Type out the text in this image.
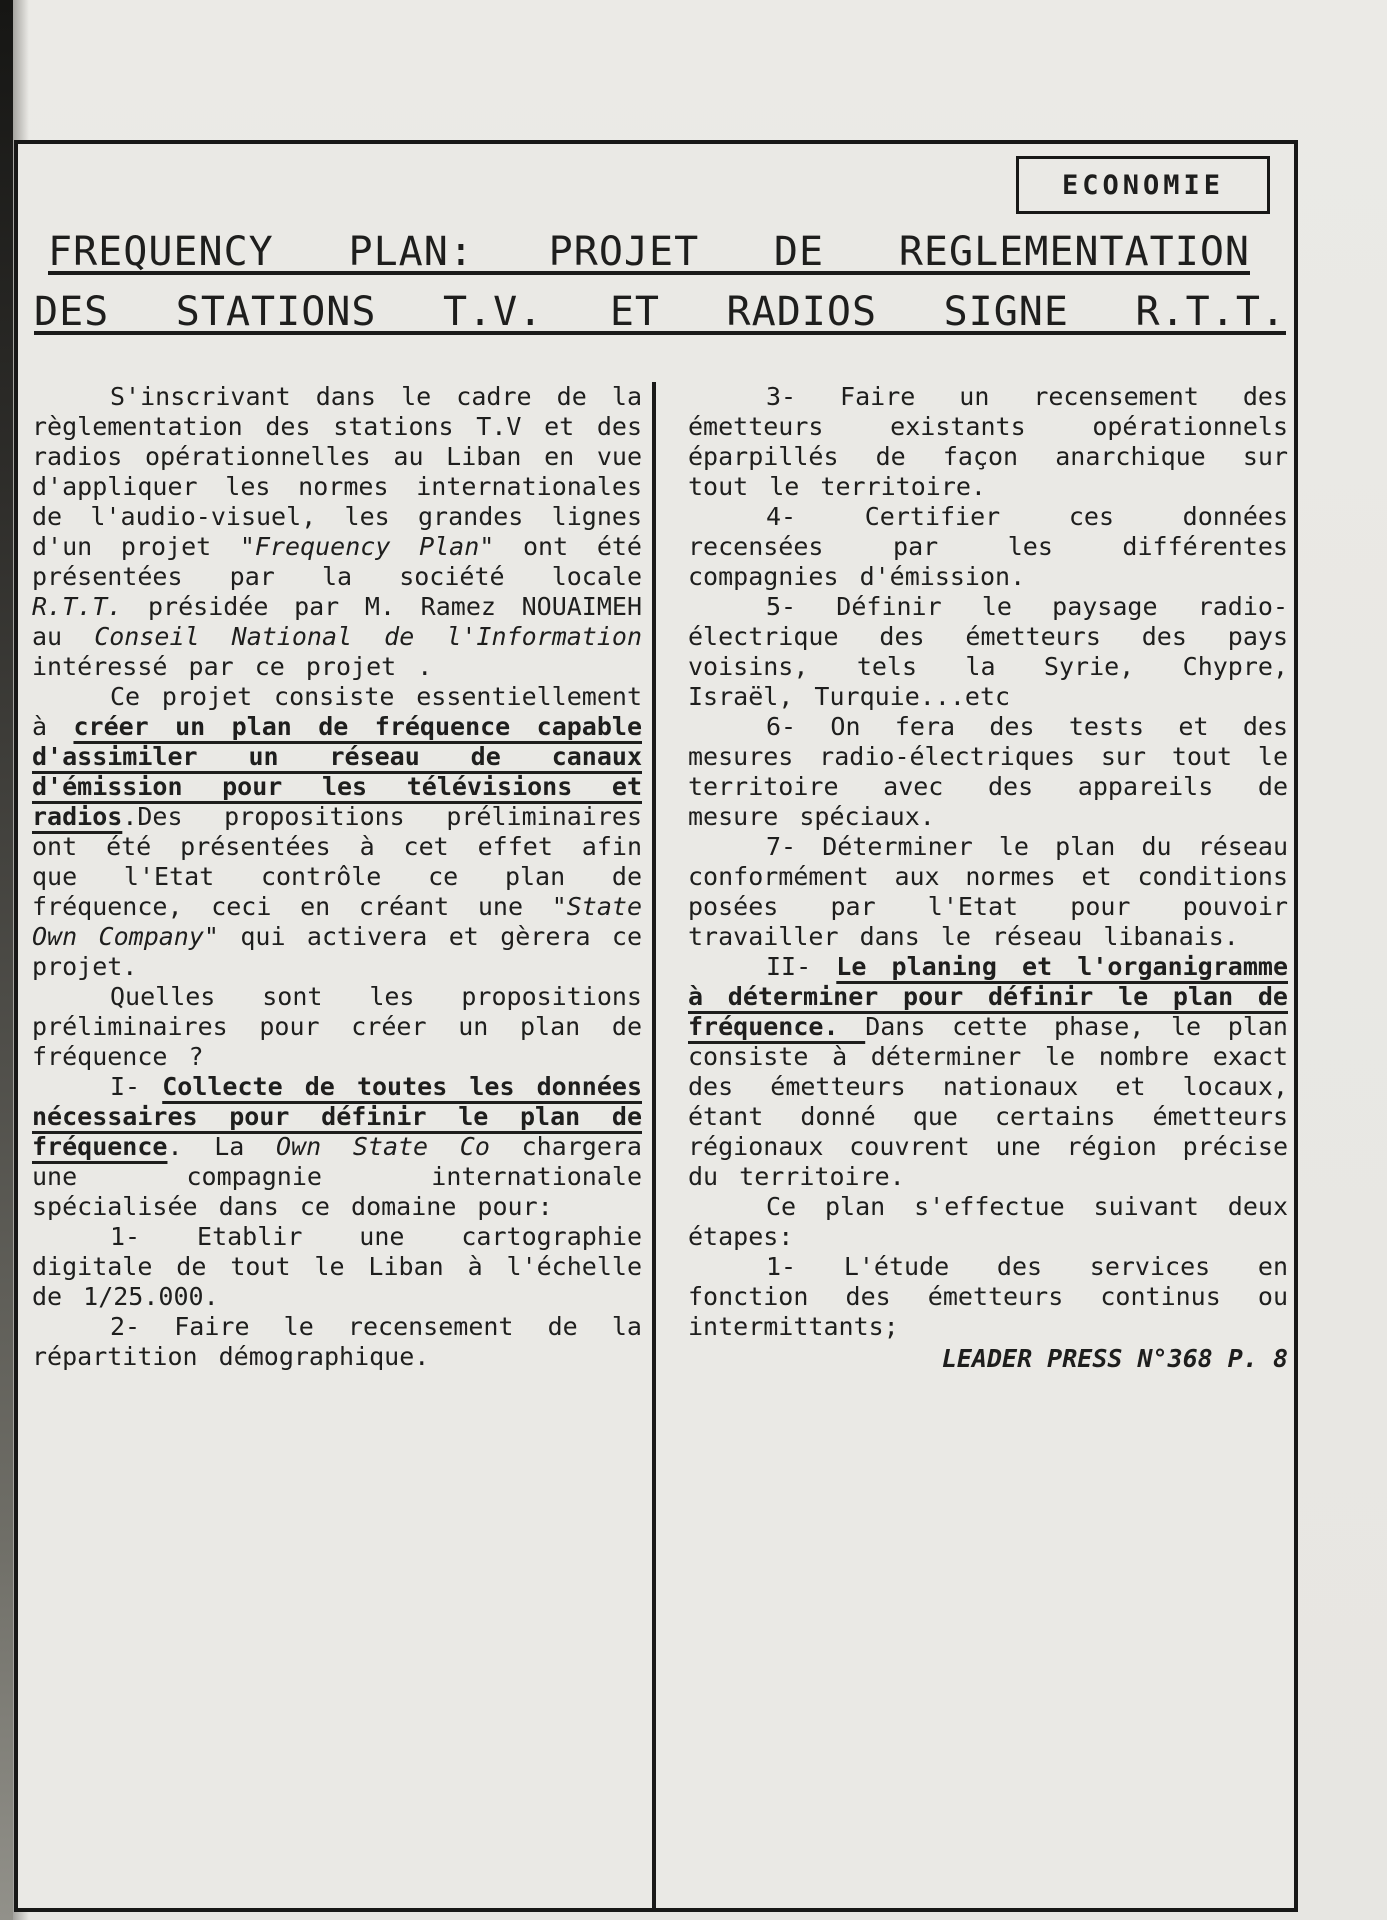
ECONOMIE
FREQUENCY PLAN: PROJET DE REGLEMENTATION
DES STATIONS T.V. ET RADIOS SIGNE R.T.T.

S'inscrivant dans le cadre de la règlementation des stations T.V et des radios opérationnelles au Liban en vue d'appliquer les normes internationales de l'audio-visuel, les grandes lignes d'un projet "Frequency Plan" ont été présentées par la société locale R.T.T. présidée par M. Ramez NOUAIMEH au Conseil National de l'Information intéressé par ce projet .

Ce projet consiste essentiellement à créer un plan de fréquence capable d'assimiler un réseau de canaux d'émission pour les télévisions et radios.Des propositions préliminaires ont été présentées à cet effet afin que l'Etat contrôle ce plan de fréquence, ceci en créant une "State Own Company" qui activera et gèrera ce projet.

Quelles sont les propositions préliminaires pour créer un plan de fréquence ?

I- Collecte de toutes les données nécessaires pour définir le plan de fréquence. La Own State Co chargera une compagnie internationale spécialisée dans ce domaine pour:

1- Etablir une cartographie digitale de tout le Liban à l'échelle de 1/25.000.

2- Faire le recensement de la répartition démographique.

3- Faire un recensement des émetteurs existants opérationnels éparpillés de façon anarchique sur tout le territoire.

4- Certifier ces données recensées par les différentes compagnies d'émission.

5- Définir le paysage radio-électrique des émetteurs des pays voisins, tels la Syrie, Chypre, Israël, Turquie...etc

6- On fera des tests et des mesures radio-électriques sur tout le territoire avec des appareils de mesure spéciaux.

7- Déterminer le plan du réseau conformément aux normes et conditions posées par l'Etat pour pouvoir travailler dans le réseau libanais.

II- Le planing et l'organigramme à déterminer pour définir le plan de fréquence. Dans cette phase, le plan consiste à déterminer le nombre exact des émetteurs nationaux et locaux, étant donné que certains émetteurs régionaux couvrent une région précise du territoire.

Ce plan s'effectue suivant deux étapes:

1- L'étude des services en fonction des émetteurs continus ou intermittants;

LEADER PRESS N°368 P. 8
